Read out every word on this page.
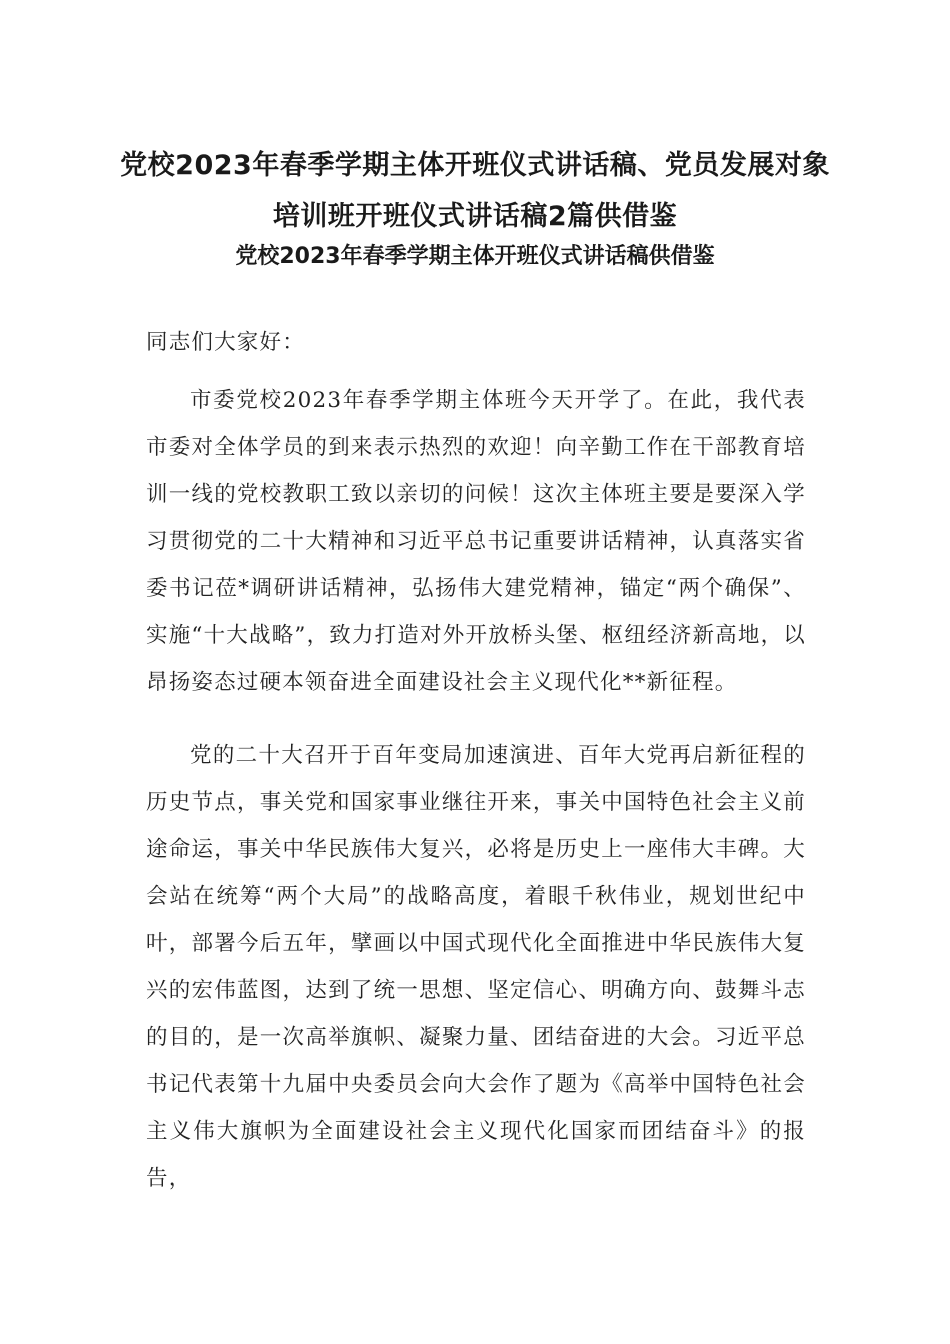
党校2023年春季学期主体开班仪式讲话稿、党员发展对象
培训班开班仪式讲话稿2篇供借鉴
党校2023年春季学期主体开班仪式讲话稿供借鉴

同志们大家好：

市委党校2023年春季学期主体班今天开学了。在此，我代表市委对全体学员的到来表示热烈的欢迎！向辛勤工作在干部教育培训一线的党校教职工致以亲切的问候！这次主体班主要是要深入学习贯彻党的二十大精神和习近平总书记重要讲话精神，认真落实省委书记莅*调研讲话精神，弘扬伟大建党精神，锚定“两个确保”、实施“十大战略”，致力打造对外开放桥头堡、枢纽经济新高地，以昂扬姿态过硬本领奋进全面建设社会主义现代化**新征程。

党的二十大召开于百年变局加速演进、百年大党再启新征程的历史节点，事关党和国家事业继往开来，事关中国特色社会主义前途命运，事关中华民族伟大复兴，必将是历史上一座伟大丰碑。大会站在统筹“两个大局”的战略高度，着眼千秋伟业，规划世纪中叶，部署今后五年，擘画以中国式现代化全面推进中华民族伟大复兴的宏伟蓝图，达到了统一思想、坚定信心、明确方向、鼓舞斗志的目的，是一次高举旗帜、凝聚力量、团结奋进的大会。习近平总书记代表第十九届中央委员会向大会作了题为《高举中国特色社会主义伟大旗帜为全面建设社会主义现代化国家而团结奋斗》的报告，
